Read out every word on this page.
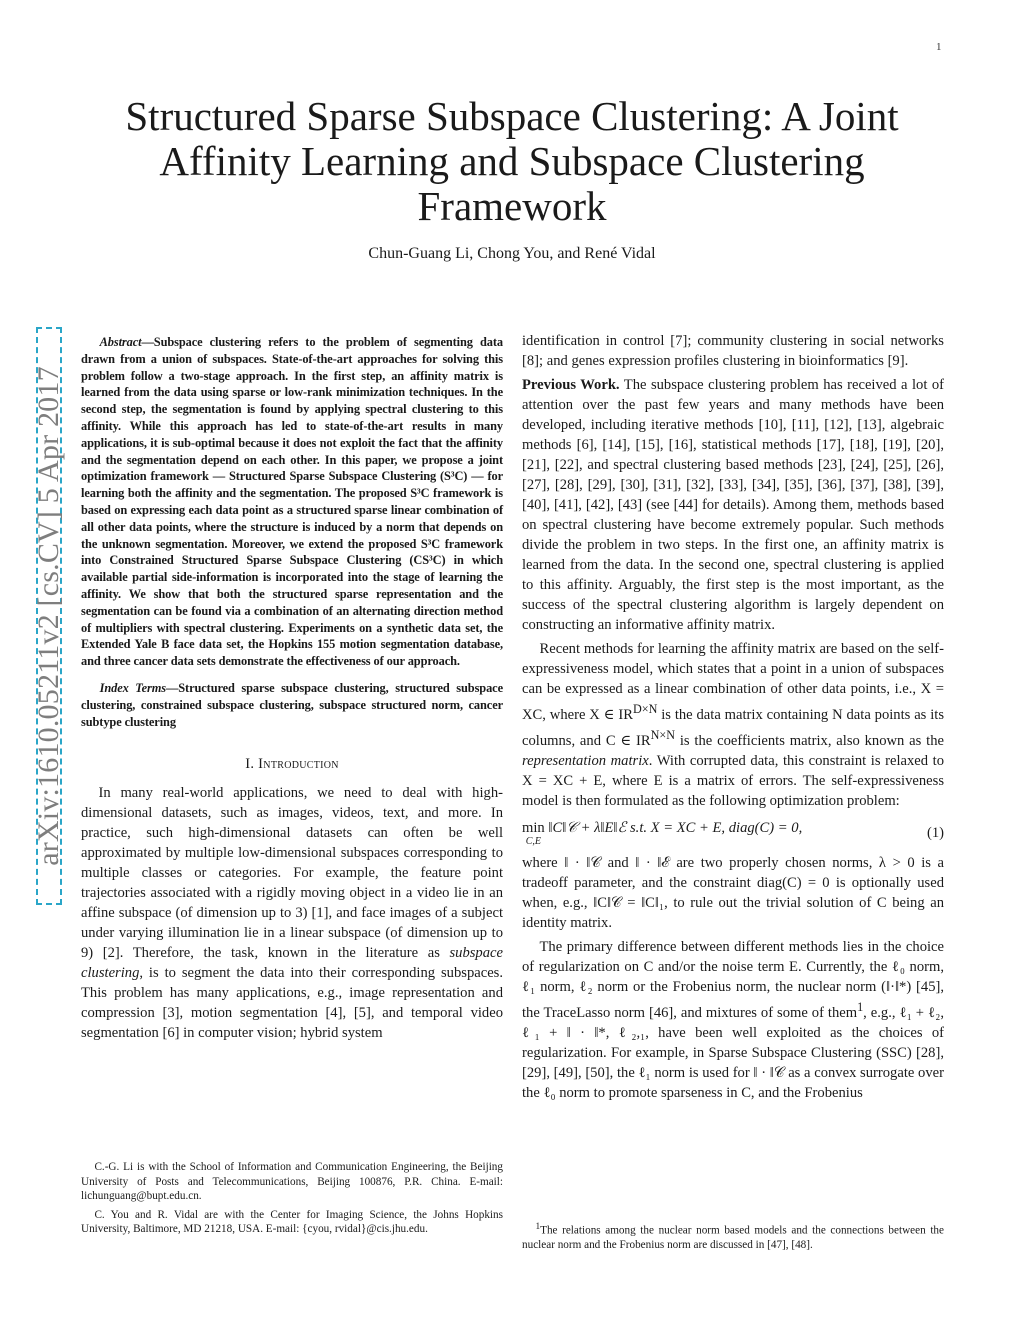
1
arXiv:1610.05211v2 [cs.CV] 5 Apr 2017
Structured Sparse Subspace Clustering: A Joint Affinity Learning and Subspace Clustering Framework
Chun-Guang Li, Chong You, and René Vidal

Abstract—Subspace clustering refers to the problem of segmenting data drawn from a union of subspaces. State-of-the-art approaches for solving this problem follow a two-stage approach. In the first step, an affinity matrix is learned from the data using sparse or low-rank minimization techniques. In the second step, the segmentation is found by applying spectral clustering to this affinity. While this approach has led to state-of-the-art results in many applications, it is sub-optimal because it does not exploit the fact that the affinity and the segmentation depend on each other. In this paper, we propose a joint optimization framework — Structured Sparse Subspace Clustering (S³C) — for learning both the affinity and the segmentation. The proposed S³C framework is based on expressing each data point as a structured sparse linear combination of all other data points, where the structure is induced by a norm that depends on the unknown segmentation. Moreover, we extend the proposed S³C framework into Constrained Structured Sparse Subspace Clustering (CS³C) in which available partial side-information is incorporated into the stage of learning the affinity. We show that both the structured sparse representation and the segmentation can be found via a combination of an alternating direction method of multipliers with spectral clustering. Experiments on a synthetic data set, the Extended Yale B face data set, the Hopkins 155 motion segmentation database, and three cancer data sets demonstrate the effectiveness of our approach.

Index Terms—Structured sparse subspace clustering, structured subspace clustering, constrained subspace clustering, subspace structured norm, cancer subtype clustering

I. Introduction

In many real-world applications, we need to deal with high-dimensional datasets, such as images, videos, text, and more. In practice, such high-dimensional datasets can often be well approximated by multiple low-dimensional subspaces corresponding to multiple classes or categories. For example, the feature point trajectories associated with a rigidly moving object in a video lie in an affine subspace (of dimension up to 3) [1], and face images of a subject under varying illumination lie in a linear subspace (of dimension up to 9) [2]. Therefore, the task, known in the literature as subspace clustering, is to segment the data into their corresponding subspaces. This problem has many applications, e.g., image representation and compression [3], motion segmentation [4], [5], and temporal video segmentation [6] in computer vision; hybrid system

C.-G. Li is with the School of Information and Communication Engineering, the Beijing University of Posts and Telecommunications, Beijing 100876, P.R. China. E-mail: lichunguang@bupt.edu.cn.

C. You and R. Vidal are with the Center for Imaging Science, the Johns Hopkins University, Baltimore, MD 21218, USA. E-mail: {cyou, rvidal}@cis.jhu.edu.

identification in control [7]; community clustering in social networks [8]; and genes expression profiles clustering in bioinformatics [9].

Previous Work. The subspace clustering problem has received a lot of attention over the past few years and many methods have been developed, including iterative methods [10], [11], [12], [13], algebraic methods [6], [14], [15], [16], statistical methods [17], [18], [19], [20], [21], [22], and spectral clustering based methods [23], [24], [25], [26], [27], [28], [29], [30], [31], [32], [33], [34], [35], [36], [37], [38], [39], [40], [41], [42], [43] (see [44] for details). Among them, methods based on spectral clustering have become extremely popular. Such methods divide the problem in two steps. In the first one, an affinity matrix is learned from the data. In the second one, spectral clustering is applied to this affinity. Arguably, the first step is the most important, as the success of the spectral clustering algorithm is largely dependent on constructing an informative affinity matrix.

Recent methods for learning the affinity matrix are based on the self-expressiveness model, which states that a point in a union of subspaces can be expressed as a linear combination of other data points, i.e., X = XC, where X ∈ $IR^{D\times N}$ is the data matrix containing N data points as its columns, and C ∈ $IR^{N\times N}$ is the coefficients matrix, also known as the representation matrix. With corrupted data, this constraint is relaxed to X = XC + E, where E is a matrix of errors. The self-expressiveness model is then formulated as the following optimization problem:

min
C,E
‖C‖𝒞 + λ‖E‖ℰ s.t. X = XC + E, diag(C) = 0,	(1)

where ‖ · ‖𝒞 and ‖ · ‖ℰ are two properly chosen norms, λ > 0 is a tradeoff parameter, and the constraint diag(C) = 0 is optionally used when, e.g., ‖C‖𝒞 = ‖C‖₁, to rule out the trivial solution of C being an identity matrix.

The primary difference between different methods lies in the choice of regularization on C and/or the noise term E. Currently, the ℓ₀ norm, ℓ₁ norm, ℓ₂ norm or the Frobenius norm, the nuclear norm (‖·‖*) [45], the TraceLasso norm [46], and mixtures of some of them$^1$, e.g., ℓ₁ + ℓ₂, ℓ₁ + ‖ · ‖*, ℓ₂,₁, have been well exploited as the choices of regularization. For example, in Sparse Subspace Clustering (SSC) [28], [29], [49], [50], the ℓ₁ norm is used for ‖ · ‖𝒞 as a convex surrogate over the ℓ₀ norm to promote sparseness in C, and the Frobenius

$^1$The relations among the nuclear norm based models and the connections between the nuclear norm and the Frobenius norm are discussed in [47], [48].
